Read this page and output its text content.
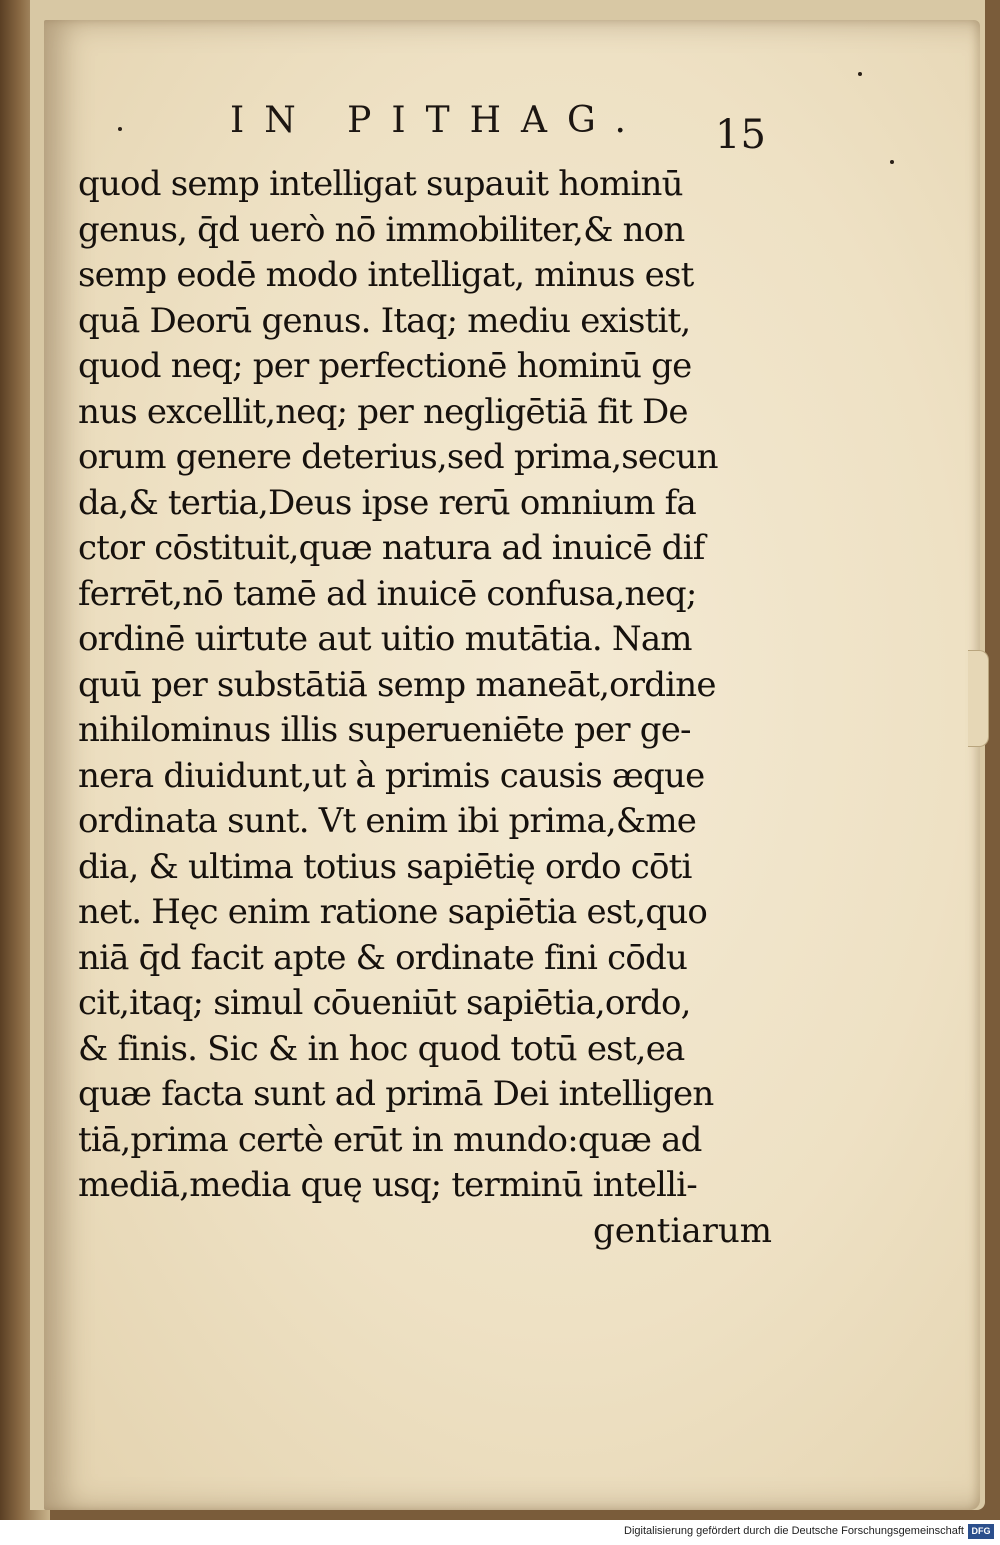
IN PITHAG.	15
quod semp intelligat supauit hominū
genus, q̄d uerò nō immobiliter,& non
semp eodē modo intelligat, minus est
quā Deorū genus. Itaq; mediu existit,
quod neq; per perfectionē hominū ge
nus excellit,neq; per negligētiā fit De
orum genere deterius,sed prima,secun
da,& tertia,Deus ipse rerū omnium fa
ctor cōstituit,quæ natura ad inuicē dif
ferrēt,nō tamē ad inuicē confusa,neq;
ordinē uirtute aut uitio mutātia. Nam
quū per substātiā semp maneāt,ordine
nihilominus illis superueniēte per ge-
nera diuidunt,ut à primis causis æque
ordinata sunt. Vt enim ibi prima,&me
dia, & ultima totius sapiētię ordo cōti
net. Hęc enim ratione sapiētia est,quo
niā q̄d facit apte & ordinate fini cōdu
cit,itaq; simul cōueniūt sapiētia,ordo,
& finis. Sic & in hoc quod totū est,ea
quæ facta sunt ad primā Dei intelligen
tiā,prima certè erūt in mundo:quæ ad
mediā,media quę usq; terminū intelli-
gentiarum
Digitalisierung gefördert durch die Deutsche Forschungsgemeinschaft DFG
